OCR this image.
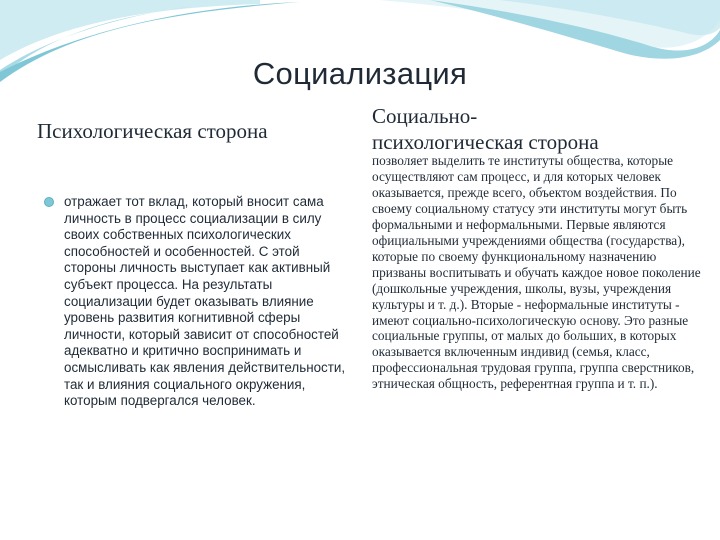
Социализация
Психологическая сторона
Социально-
психологическая сторона
отражает тот вклад, который вносит сама личность в процесс социализации в силу своих собственных психологических способностей и особенностей. С этой стороны личность выступает как активный субъект процесса. На результаты социализации будет оказывать влияние уровень развития когнитивной сферы личности, который зависит от способностей адекватно и критично воспринимать и осмысливать как явления действительности, так и влияния социального окружения, которым подвергался человек.
позволяет выделить те институты общества, которые осуществляют сам процесс, и для которых человек оказывается, прежде всего, объектом воздействия. По своему социальному статусу эти институты могут быть формальными и неформальными. Первые являются официальными учреждениями общества (государства), которые по своему функциональному назначению призваны воспитывать и обучать каждое новое поколение (дошкольные учреждения, школы, вузы, учреждения культуры и т. д.). Вторые - неформальные институты - имеют социально-психологическую основу. Это разные социальные группы, от малых до больших, в которых оказывается включенным индивид (семья, класс, профессиональная трудовая группа, группа сверстников, этническая общность, референтная группа и т. п.).
